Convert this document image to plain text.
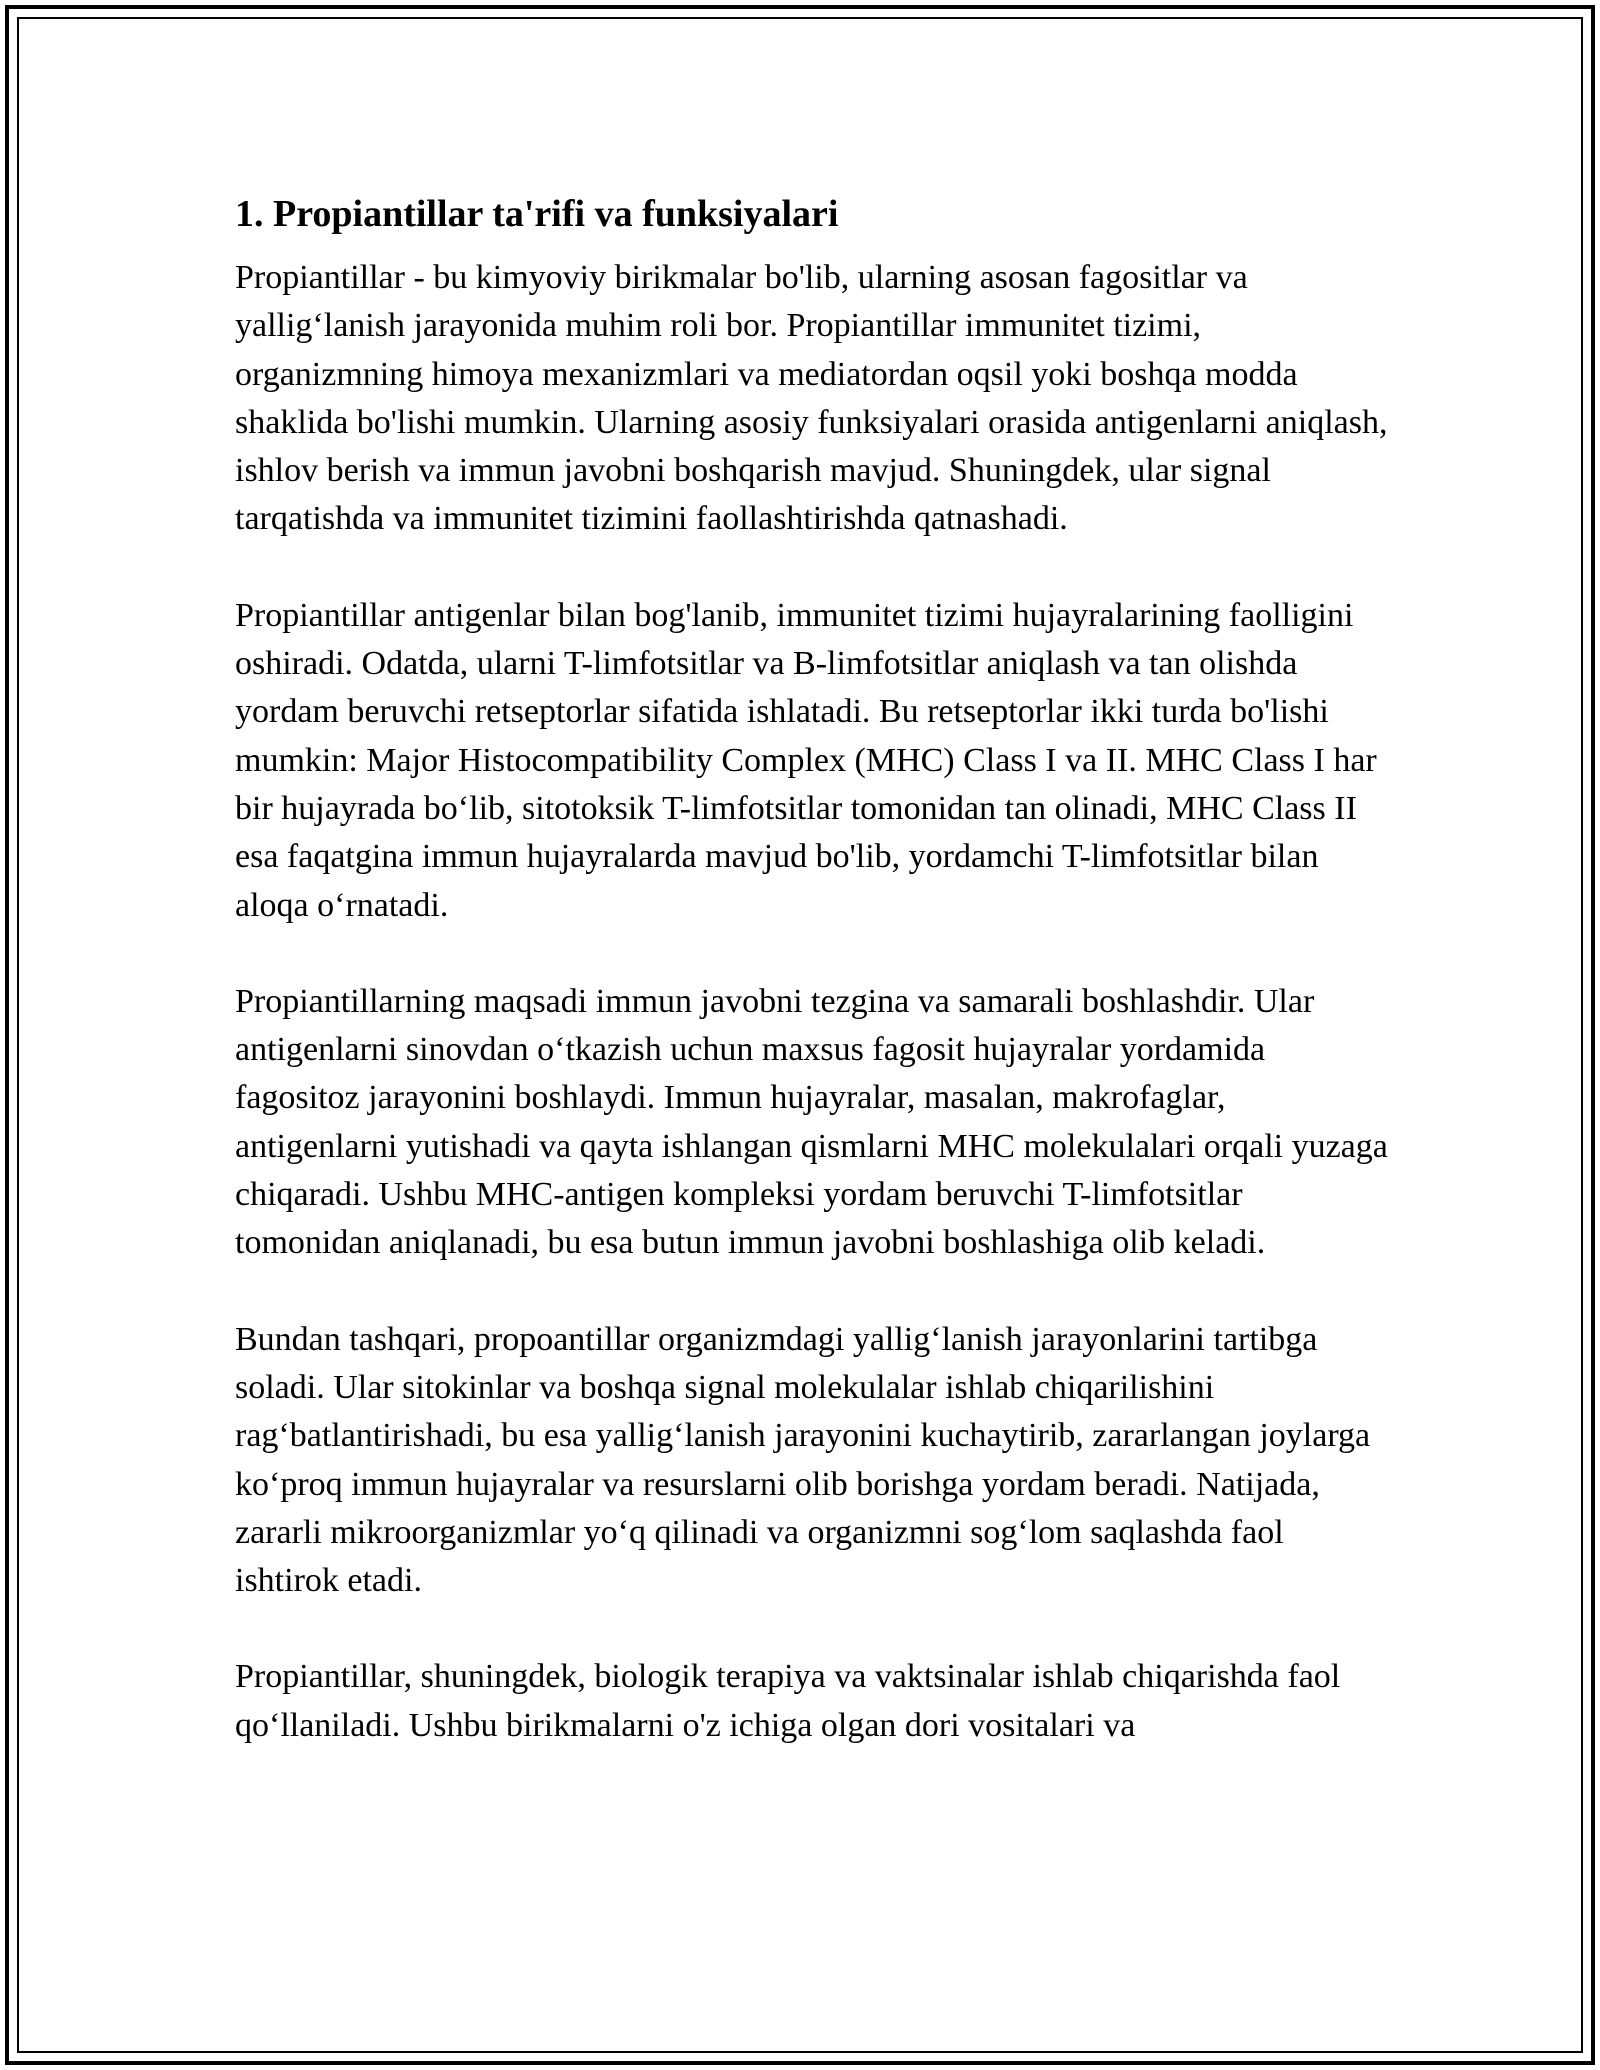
1. Propiantillar ta'rifi va funksiyalari

Propiantillar - bu kimyoviy birikmalar bo'lib, ularning asosan fagositlar va yallig‘lanish jarayonida muhim roli bor. Propiantillar immunitet tizimi, organizmning himoya mexanizmlari va mediatordan oqsil yoki boshqa modda shaklida bo'lishi mumkin. Ularning asosiy funksiyalari orasida antigenlarni aniqlash, ishlov berish va immun javobni boshqarish mavjud. Shuningdek, ular signal tarqatishda va immunitet tizimini faollashtirishda qatnashadi.

Propiantillar antigenlar bilan bog'lanib, immunitet tizimi hujayralarining faolligini oshiradi. Odatda, ularni T-limfotsitlar va B-limfotsitlar aniqlash va tan olishda yordam beruvchi retseptorlar sifatida ishlatadi. Bu retseptorlar ikki turda bo'lishi mumkin: Major Histocompatibility Complex (MHC) Class I va II. MHC Class I har bir hujayrada bo‘lib, sitotoksik T-limfotsitlar tomonidan tan olinadi, MHC Class II esa faqatgina immun hujayralarda mavjud bo'lib, yordamchi T-limfotsitlar bilan aloqa o‘rnatadi.

Propiantillarning maqsadi immun javobni tezgina va samarali boshlashdir. Ular antigenlarni sinovdan o‘tkazish uchun maxsus fagosit hujayralar yordamida fagositoz jarayonini boshlaydi. Immun hujayralar, masalan, makrofaglar, antigenlarni yutishadi va qayta ishlangan qismlarni MHC molekulalari orqali yuzaga chiqaradi. Ushbu MHC-antigen kompleksi yordam beruvchi T-limfotsitlar tomonidan aniqlanadi, bu esa butun immun javobni boshlashiga olib keladi.

Bundan tashqari, propoantillar organizmdagi yallig‘lanish jarayonlarini tartibga soladi. Ular sitokinlar va boshqa signal molekulalar ishlab chiqarilishini rag‘batlantirishadi, bu esa yallig‘lanish jarayonini kuchaytirib, zararlangan joylarga ko‘proq immun hujayralar va resurslarni olib borishga yordam beradi. Natijada, zararli mikroorganizmlar yo‘q qilinadi va organizmni sog‘lom saqlashda faol ishtirok etadi.

Propiantillar, shuningdek, biologik terapiya va vaktsinalar ishlab chiqarishda faol qo‘llaniladi. Ushbu birikmalarni o'z ichiga olgan dori vositalari va
